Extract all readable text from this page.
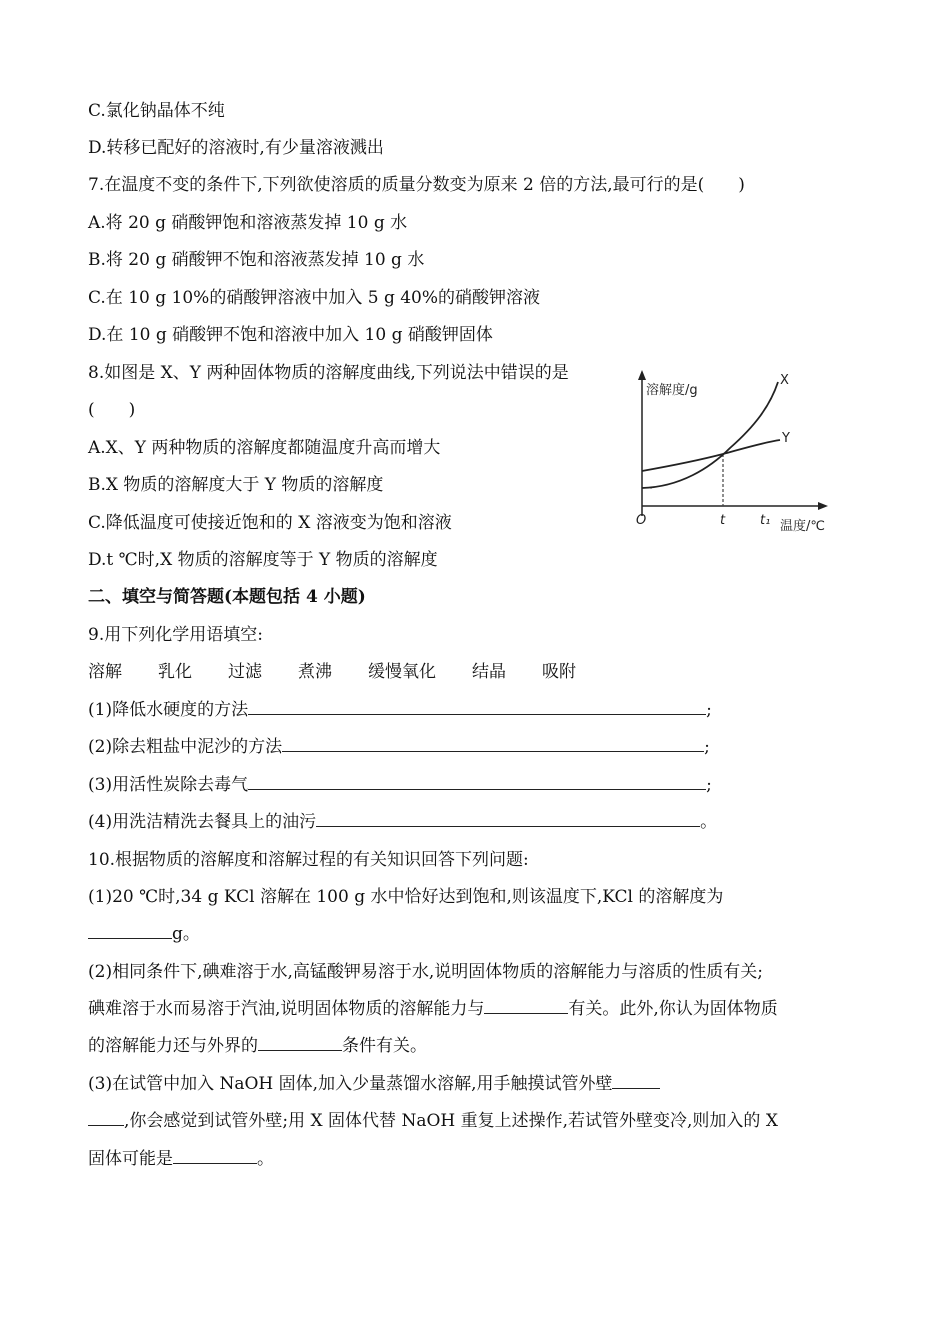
C.氯化钠晶体不纯
D.转移已配好的溶液时,有少量溶液溅出
7.在温度不变的条件下,下列欲使溶质的质量分数变为原来 2 倍的方法,最可行的是(　　)
A.将 20 g 硝酸钾饱和溶液蒸发掉 10 g 水
B.将 20 g 硝酸钾不饱和溶液蒸发掉 10 g 水
C.在 10 g 10%的硝酸钾溶液中加入 5 g 40%的硝酸钾溶液
D.在 10 g 硝酸钾不饱和溶液中加入 10 g 硝酸钾固体
8.如图是 X、Y 两种固体物质的溶解度曲线,下列说法中错误的是
(　　)
A.X、Y 两种物质的溶解度都随温度升高而增大
B.X 物质的溶解度大于 Y 物质的溶解度
C.降低温度可使接近饱和的 X 溶液变为饱和溶液
D.t ℃时,X 物质的溶解度等于 Y 物质的溶解度
二、填空与简答题(本题包括 4 小题)
9.用下列化学用语填空:
溶解 乳化 过滤 煮沸 缓慢氧化 结晶 吸附
(1)降低水硬度的方法	;
(2)除去粗盐中泥沙的方法	;
(3)用活性炭除去毒气	;
(4)用洗洁精洗去餐具上的油污	。
10.根据物质的溶解度和溶解过程的有关知识回答下列问题:
(1)20 ℃时,34 g KCl 溶解在 100 g 水中恰好达到饱和,则该温度下,KCl 的溶解度为
g。
(2)相同条件下,碘难溶于水,高锰酸钾易溶于水,说明固体物质的溶解能力与溶质的性质有关;
碘难溶于水而易溶于汽油,说明固体物质的溶解能力与	有关。此外,你认为固体物质
的溶解能力还与外界的	条件有关。
(3)在试管中加入 NaOH 固体,加入少量蒸馏水溶解,用手触摸试管外壁
,你会感觉到试管外壁;用 X 固体代替 NaOH 重复上述操作,若试管外壁变冷,则加入的 X
固体可能是	。
溶解度/g
温度/℃
O	t	t₁
X
Y
